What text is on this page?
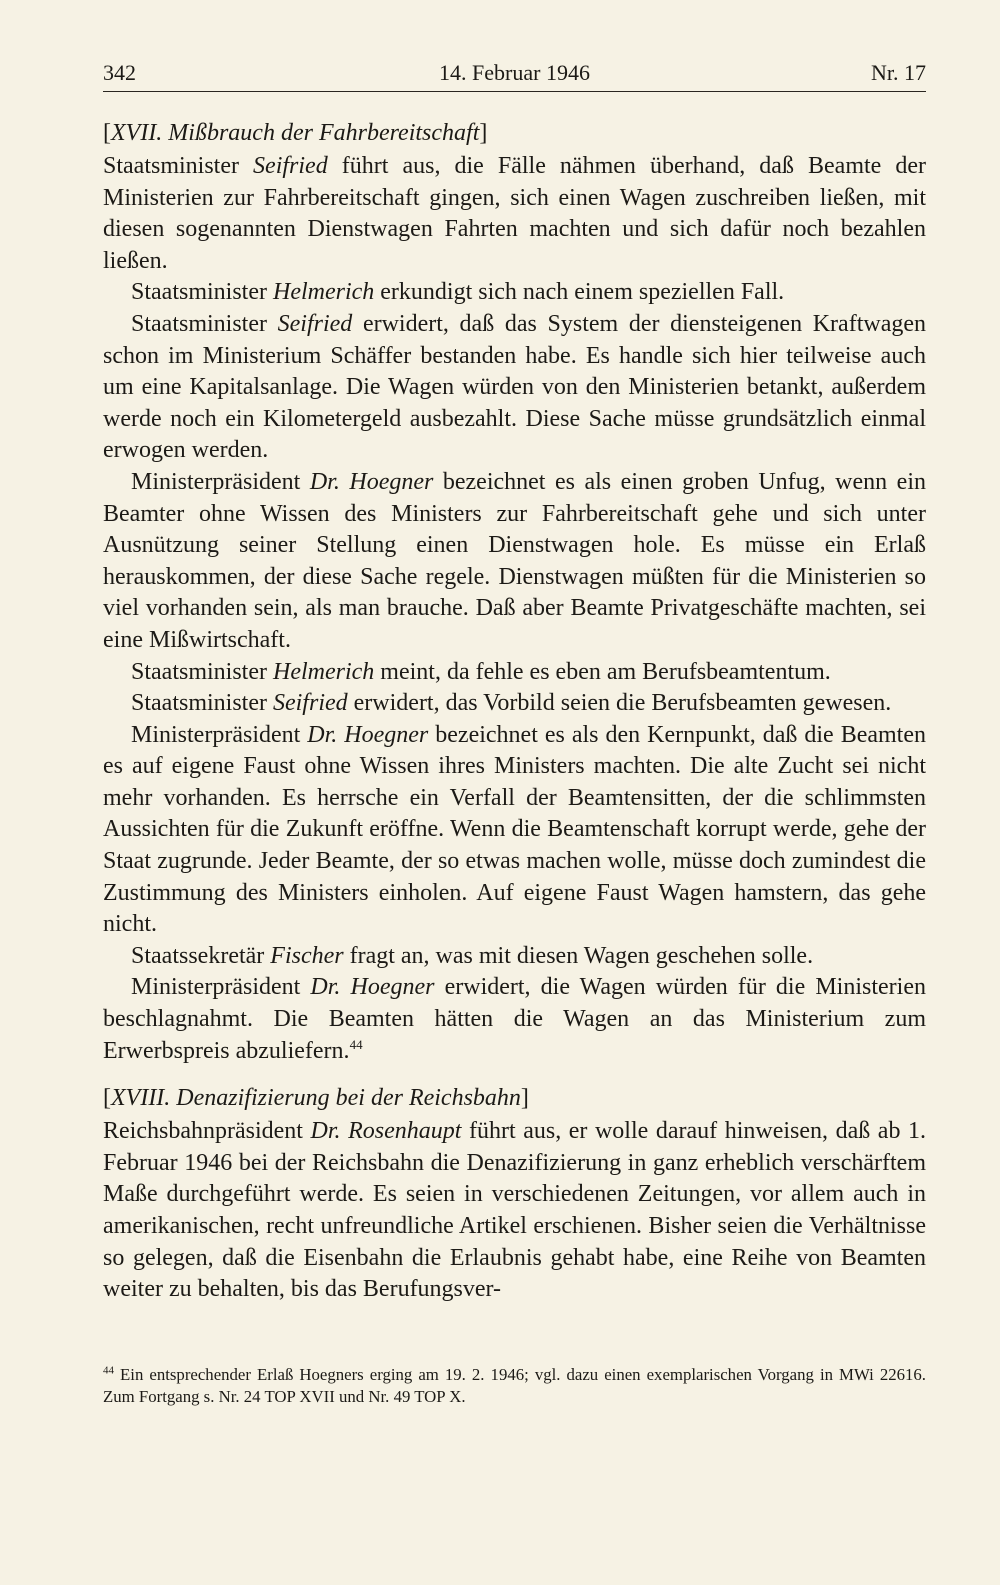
342	14. Februar 1946	Nr. 17
[XVII. Mißbrauch der Fahrbereitschaft]

Staatsminister Seifried führt aus, die Fälle nähmen überhand, daß Beamte der Ministerien zur Fahrbereitschaft gingen, sich einen Wagen zuschreiben ließen, mit diesen sogenannten Dienstwagen Fahrten machten und sich dafür noch bezahlen ließen.

Staatsminister Helmerich erkundigt sich nach einem speziellen Fall.

Staatsminister Seifried erwidert, daß das System der diensteigenen Kraftwagen schon im Ministerium Schäffer bestanden habe. Es handle sich hier teilweise auch um eine Kapitalsanlage. Die Wagen würden von den Ministerien betankt, außerdem werde noch ein Kilometergeld ausbezahlt. Diese Sache müsse grundsätzlich einmal erwogen werden.

Ministerpräsident Dr. Hoegner bezeichnet es als einen groben Unfug, wenn ein Beamter ohne Wissen des Ministers zur Fahrbereitschaft gehe und sich unter Ausnützung seiner Stellung einen Dienstwagen hole. Es müsse ein Erlaß herauskommen, der diese Sache regele. Dienstwagen müßten für die Ministerien so viel vorhanden sein, als man brauche. Daß aber Beamte Privatgeschäfte machten, sei eine Mißwirtschaft.

Staatsminister Helmerich meint, da fehle es eben am Berufsbeamtentum.

Staatsminister Seifried erwidert, das Vorbild seien die Berufsbeamten gewesen.

Ministerpräsident Dr. Hoegner bezeichnet es als den Kernpunkt, daß die Beamten es auf eigene Faust ohne Wissen ihres Ministers machten. Die alte Zucht sei nicht mehr vorhanden. Es herrsche ein Verfall der Beamtensitten, der die schlimmsten Aussichten für die Zukunft eröffne. Wenn die Beamtenschaft korrupt werde, gehe der Staat zugrunde. Jeder Beamte, der so etwas machen wolle, müsse doch zumindest die Zustimmung des Ministers einholen. Auf eigene Faust Wagen hamstern, das gehe nicht.

Staatssekretär Fischer fragt an, was mit diesen Wagen geschehen solle.

Ministerpräsident Dr. Hoegner erwidert, die Wagen würden für die Ministerien beschlagnahmt. Die Beamten hätten die Wagen an das Ministerium zum Erwerbspreis abzuliefern.$^{44}$

[XVIII. Denazifizierung bei der Reichsbahn]

Reichsbahnpräsident Dr. Rosenhaupt führt aus, er wolle darauf hinweisen, daß ab 1. Februar 1946 bei der Reichsbahn die Denazifizierung in ganz erheblich verschärftem Maße durchgeführt werde. Es seien in verschiedenen Zeitungen, vor allem auch in amerikanischen, recht unfreundliche Artikel erschienen. Bisher seien die Verhältnisse so gelegen, daß die Eisenbahn die Erlaubnis gehabt habe, eine Reihe von Beamten weiter zu behalten, bis das Berufungsver-

$^{44}$ Ein entsprechender Erlaß Hoegners erging am 19. 2. 1946; vgl. dazu einen exemplarischen Vorgang in MWi 22616. Zum Fortgang s. Nr. 24 TOP XVII und Nr. 49 TOP X.
